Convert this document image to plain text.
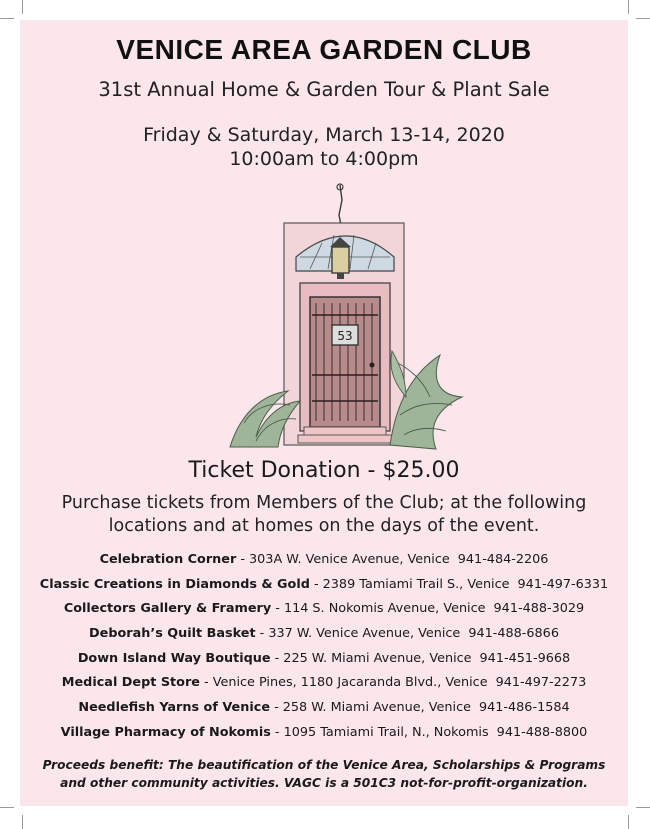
VENICE AREA GARDEN CLUB
31st Annual Home & Garden Tour & Plant Sale
Friday & Saturday, March 13-14, 2020
10:00am to 4:00pm
53
Ticket Donation - $25.00
Purchase tickets from Members of the Club; at the following
locations and at homes on the days of the event.
Celebration Corner - 303A W. Venice Avenue, Venice 941-484-2206
Classic Creations in Diamonds & Gold - 2389 Tamiami Trail S., Venice 941-497-6331
Collectors Gallery & Framery - 114 S. Nokomis Avenue, Venice 941-488-3029
Deborah’s Quilt Basket - 337 W. Venice Avenue, Venice 941-488-6866
Down Island Way Boutique - 225 W. Miami Avenue, Venice 941-451-9668
Medical Dept Store - Venice Pines, 1180 Jacaranda Blvd., Venice 941-497-2273
Needlefish Yarns of Venice - 258 W. Miami Avenue, Venice 941-486-1584
Village Pharmacy of Nokomis - 1095 Tamiami Trail, N., Nokomis 941-488-8800
Proceeds benefit: The beautification of the Venice Area, Scholarships & Programs
and other community activities. VAGC is a 501C3 not-for-profit-organization.
